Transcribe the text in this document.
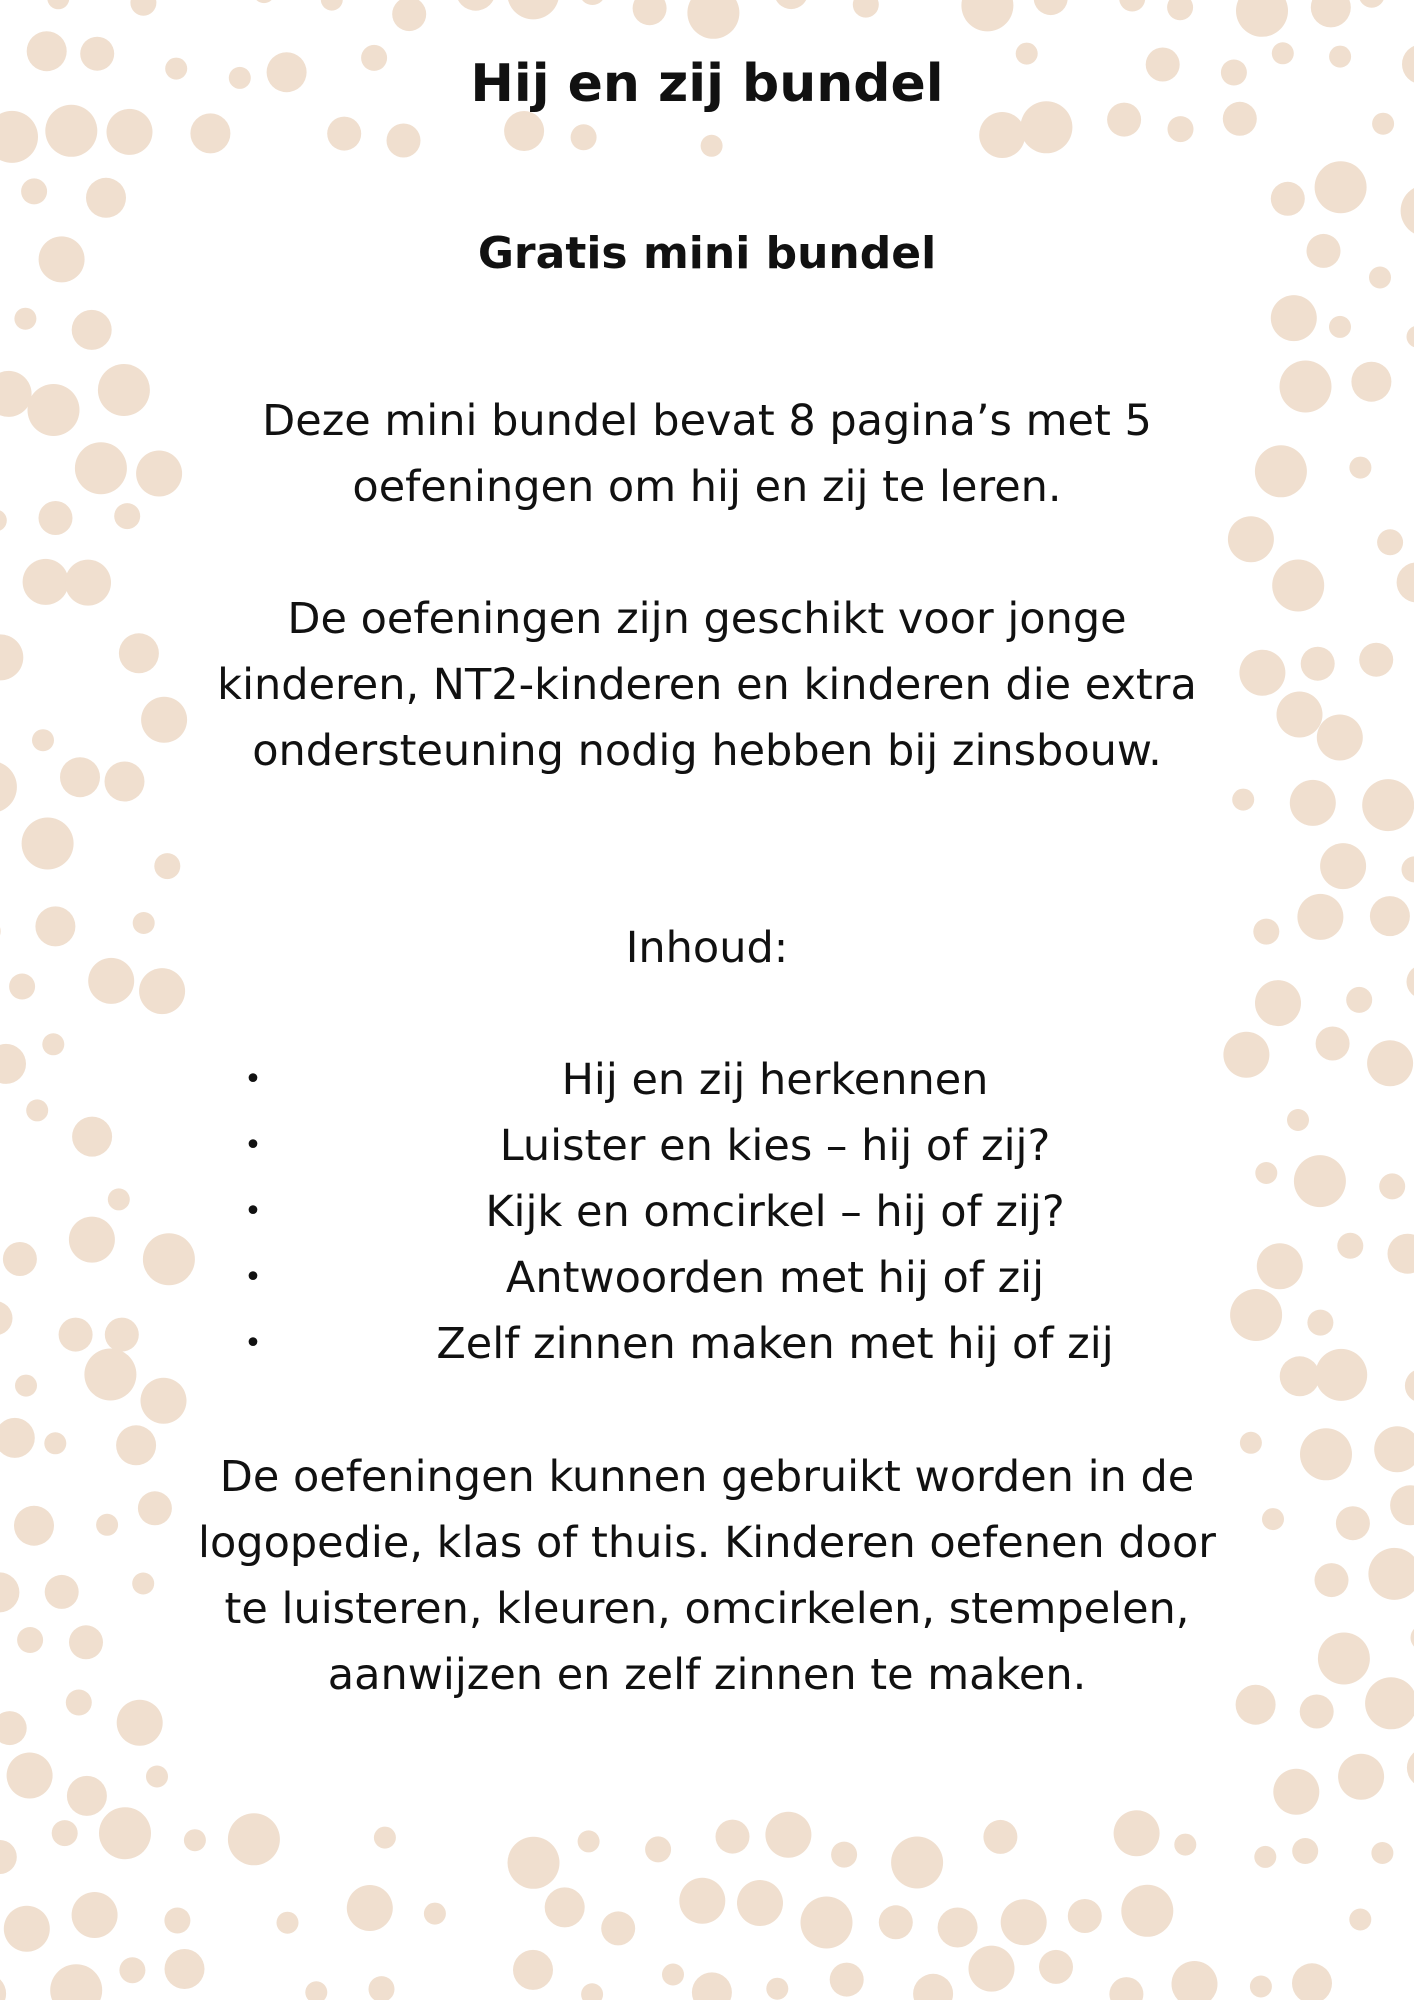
Hij en zij bundel
Gratis mini bundel
Deze mini bundel bevat 8 pagina’s met 5 oefeningen om hij en zij te leren.
De oefeningen zijn geschikt voor jonge kinderen, NT2-kinderen en kinderen die extra ondersteuning nodig hebben bij zinsbouw.
Inhoud:
•	Hij en zij herkennen
•	Luister en kies – hij of zij?
•	Kijk en omcirkel – hij of zij?
•	Antwoorden met hij of zij
•	Zelf zinnen maken met hij of zij
De oefeningen kunnen gebruikt worden in de logopedie, klas of thuis. Kinderen oefenen door te luisteren, kleuren, omcirkelen, stempelen, aanwijzen en zelf zinnen te maken.
